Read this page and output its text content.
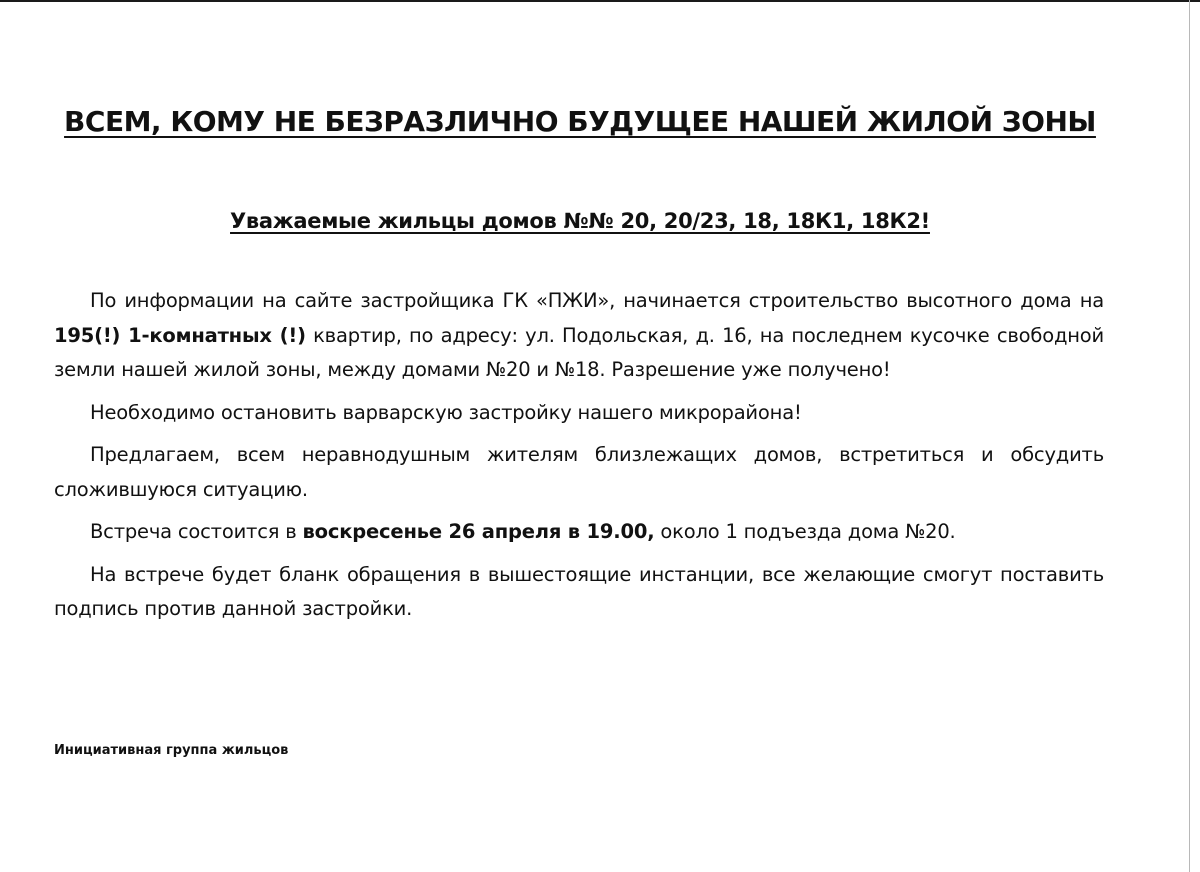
ВСЕМ, КОМУ НЕ БЕЗРАЗЛИЧНО БУДУЩЕЕ НАШЕЙ ЖИЛОЙ ЗОНЫ
Уважаемые жильцы домов №№ 20, 20/23, 18, 18К1, 18К2!

По информации на сайте застройщика ГК «ПЖИ», начинается строительство высотного дома на 195(!) 1-комнатных (!) квартир, по адресу: ул. Подольская, д. 16, на последнем кусочке свободной земли нашей жилой зоны, между домами №20 и №18. Разрешение уже получено!

Необходимо остановить варварскую застройку нашего микрорайона!

Предлагаем, всем неравнодушным жителям близлежащих домов, встретиться и обсудить сложившуюся ситуацию.

Встреча состоится в воскресенье 26 апреля в 19.00, около 1 подъезда дома №20.

На встрече будет бланк обращения в вышестоящие инстанции, все желающие смогут поставить подпись против данной застройки.

Инициативная группа жильцов
